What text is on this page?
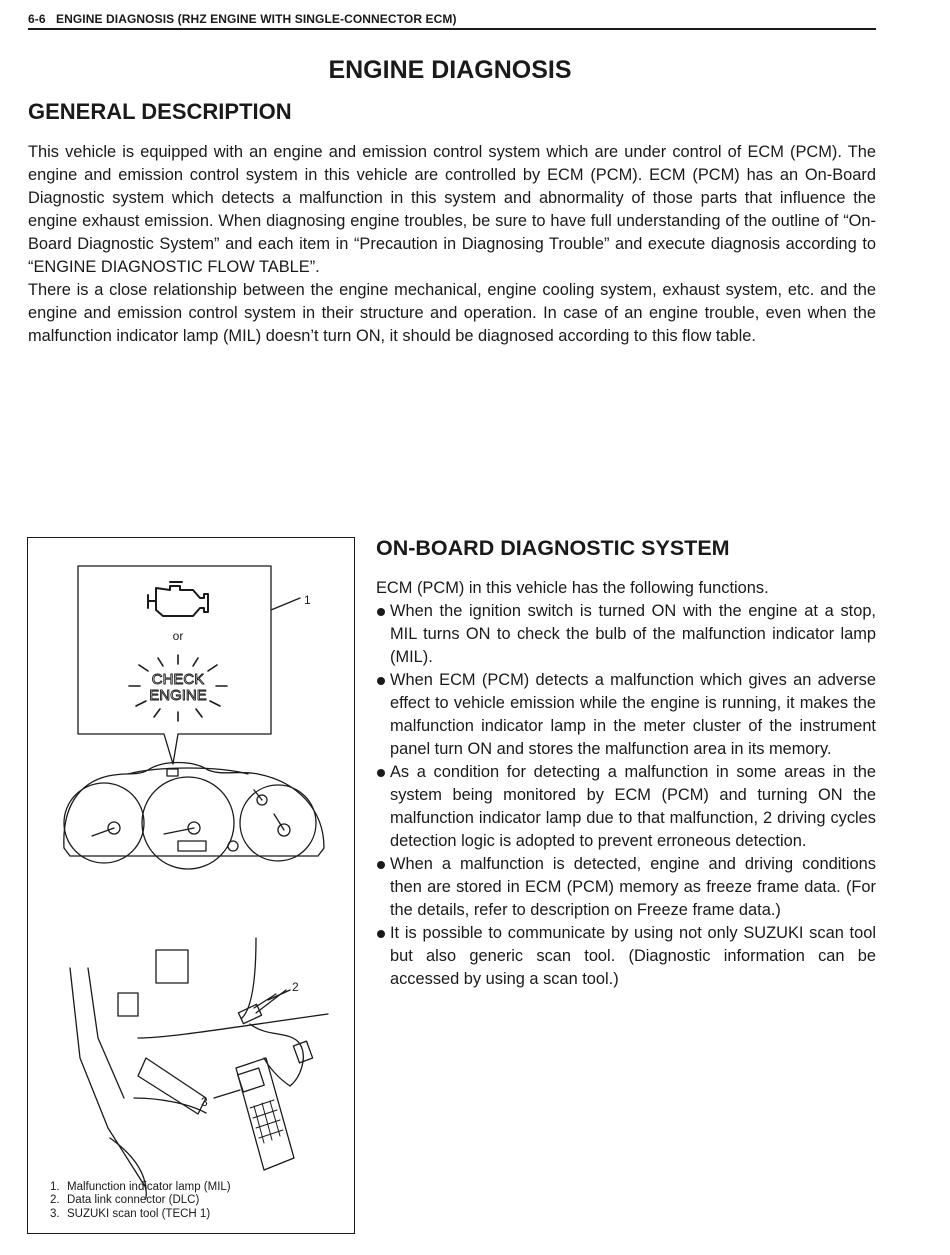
6-6 ENGINE DIAGNOSIS (RHZ ENGINE WITH SINGLE-CONNECTOR ECM)
ENGINE DIAGNOSIS
GENERAL DESCRIPTION

This vehicle is equipped with an engine and emission control system which are under control of ECM (PCM). The engine and emission control system in this vehicle are controlled by ECM (PCM). ECM (PCM) has an On-Board Diagnostic system which detects a malfunction in this system and abnormality of those parts that influence the engine exhaust emission. When diagnosing engine troubles, be sure to have full understanding of the outline of “On-Board Diagnostic System” and each item in “Precaution in Diagnosing Trouble” and execute diagnosis according to “ENGINE DIAGNOSTIC FLOW TABLE”.

There is a close relationship between the engine mechanical, engine cooling system, exhaust system, etc. and the engine and emission control system in their structure and operation. In case of an engine trouble, even when the malfunction indicator lamp (MIL) doesn’t turn ON, it should be diagnosed according to this flow table.

1
2
3
or
CHECK
ENGINE
1. Malfunction indicator lamp (MIL)
2. Data link connector (DLC)
3. SUZUKI scan tool (TECH 1)
ON-BOARD DIAGNOSTIC SYSTEM

ECM (PCM) in this vehicle has the following functions.

When the ignition switch is turned ON with the engine at a stop, MIL turns ON to check the bulb of the malfunction indicator lamp (MIL).
When ECM (PCM) detects a malfunction which gives an adverse effect to vehicle emission while the engine is running, it makes the malfunction indicator lamp in the meter cluster of the instrument panel turn ON and stores the malfunction area in its memory.
As a condition for detecting a malfunction in some areas in the system being monitored by ECM (PCM) and turning ON the malfunction indicator lamp due to that malfunction, 2 driving cycles detection logic is adopted to prevent erroneous detection.
When a malfunction is detected, engine and driving conditions then are stored in ECM (PCM) memory as freeze frame data. (For the details, refer to description on Freeze frame data.)
It is possible to communicate by using not only SUZUKI scan tool but also generic scan tool. (Diagnostic information can be accessed by using a scan tool.)
